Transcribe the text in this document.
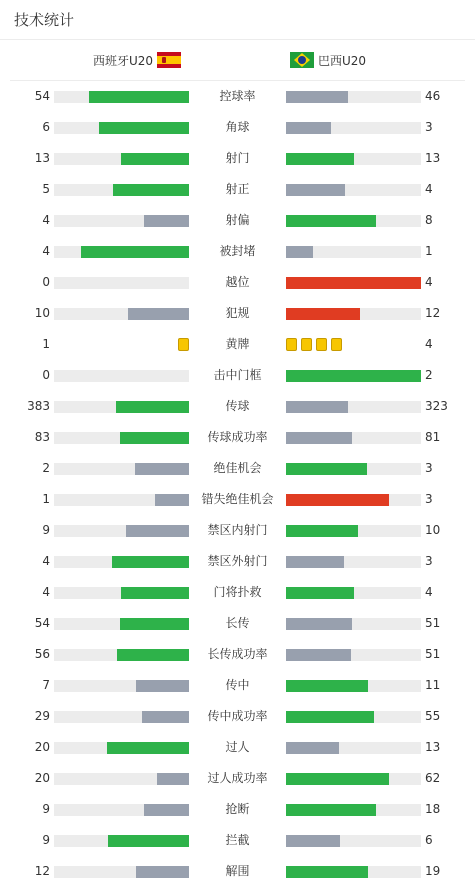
技术统计
西班牙U20	巴西U20
54	控球率	46
6	角球	3
13	射门	13
5	射正	4
4	射偏	8
4	被封堵	1
0	越位	4
10	犯规	12
1	黄牌	4
0	击中门框	2
383	传球	323
83	传球成功率	81
2	绝佳机会	3
1	错失绝佳机会	3
9	禁区内射门	10
4	禁区外射门	3
4	门将扑救	4
54	长传	51
56	长传成功率	51
7	传中	11
29	传中成功率	55
20	过人	13
20	过人成功率	62
9	抢断	18
9	拦截	6
12	解围	19
